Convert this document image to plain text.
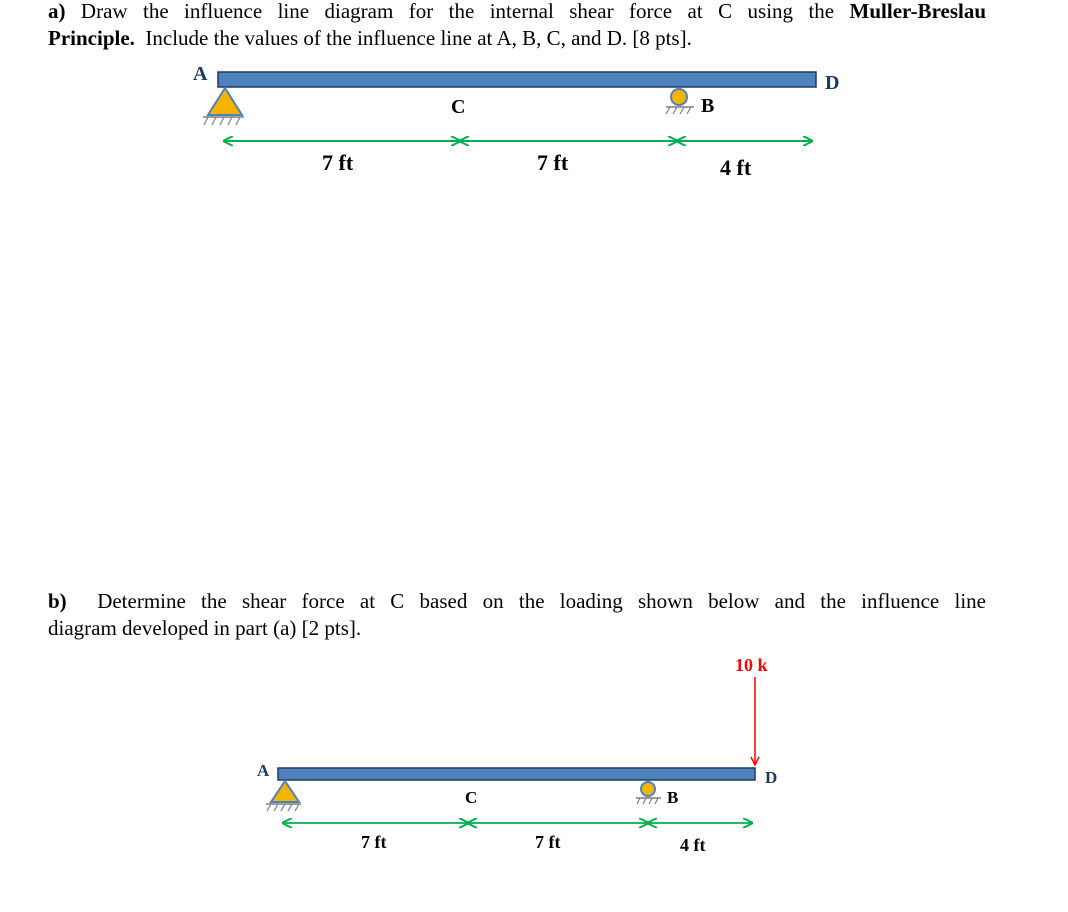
a) Draw the influence line diagram for the internal shear force at C using the Muller-Breslau
Principle. Include the values of the influence line at A, B, C, and D. [8 pts].
b) Determine the shear force at C based on the loading shown below and the influence line
diagram developed in part (a) [2 pts].
A
C	B
D
7 ft	7 ft	4 ft
A
C	B
D
10 k
7 ft	7 ft	4 ft
